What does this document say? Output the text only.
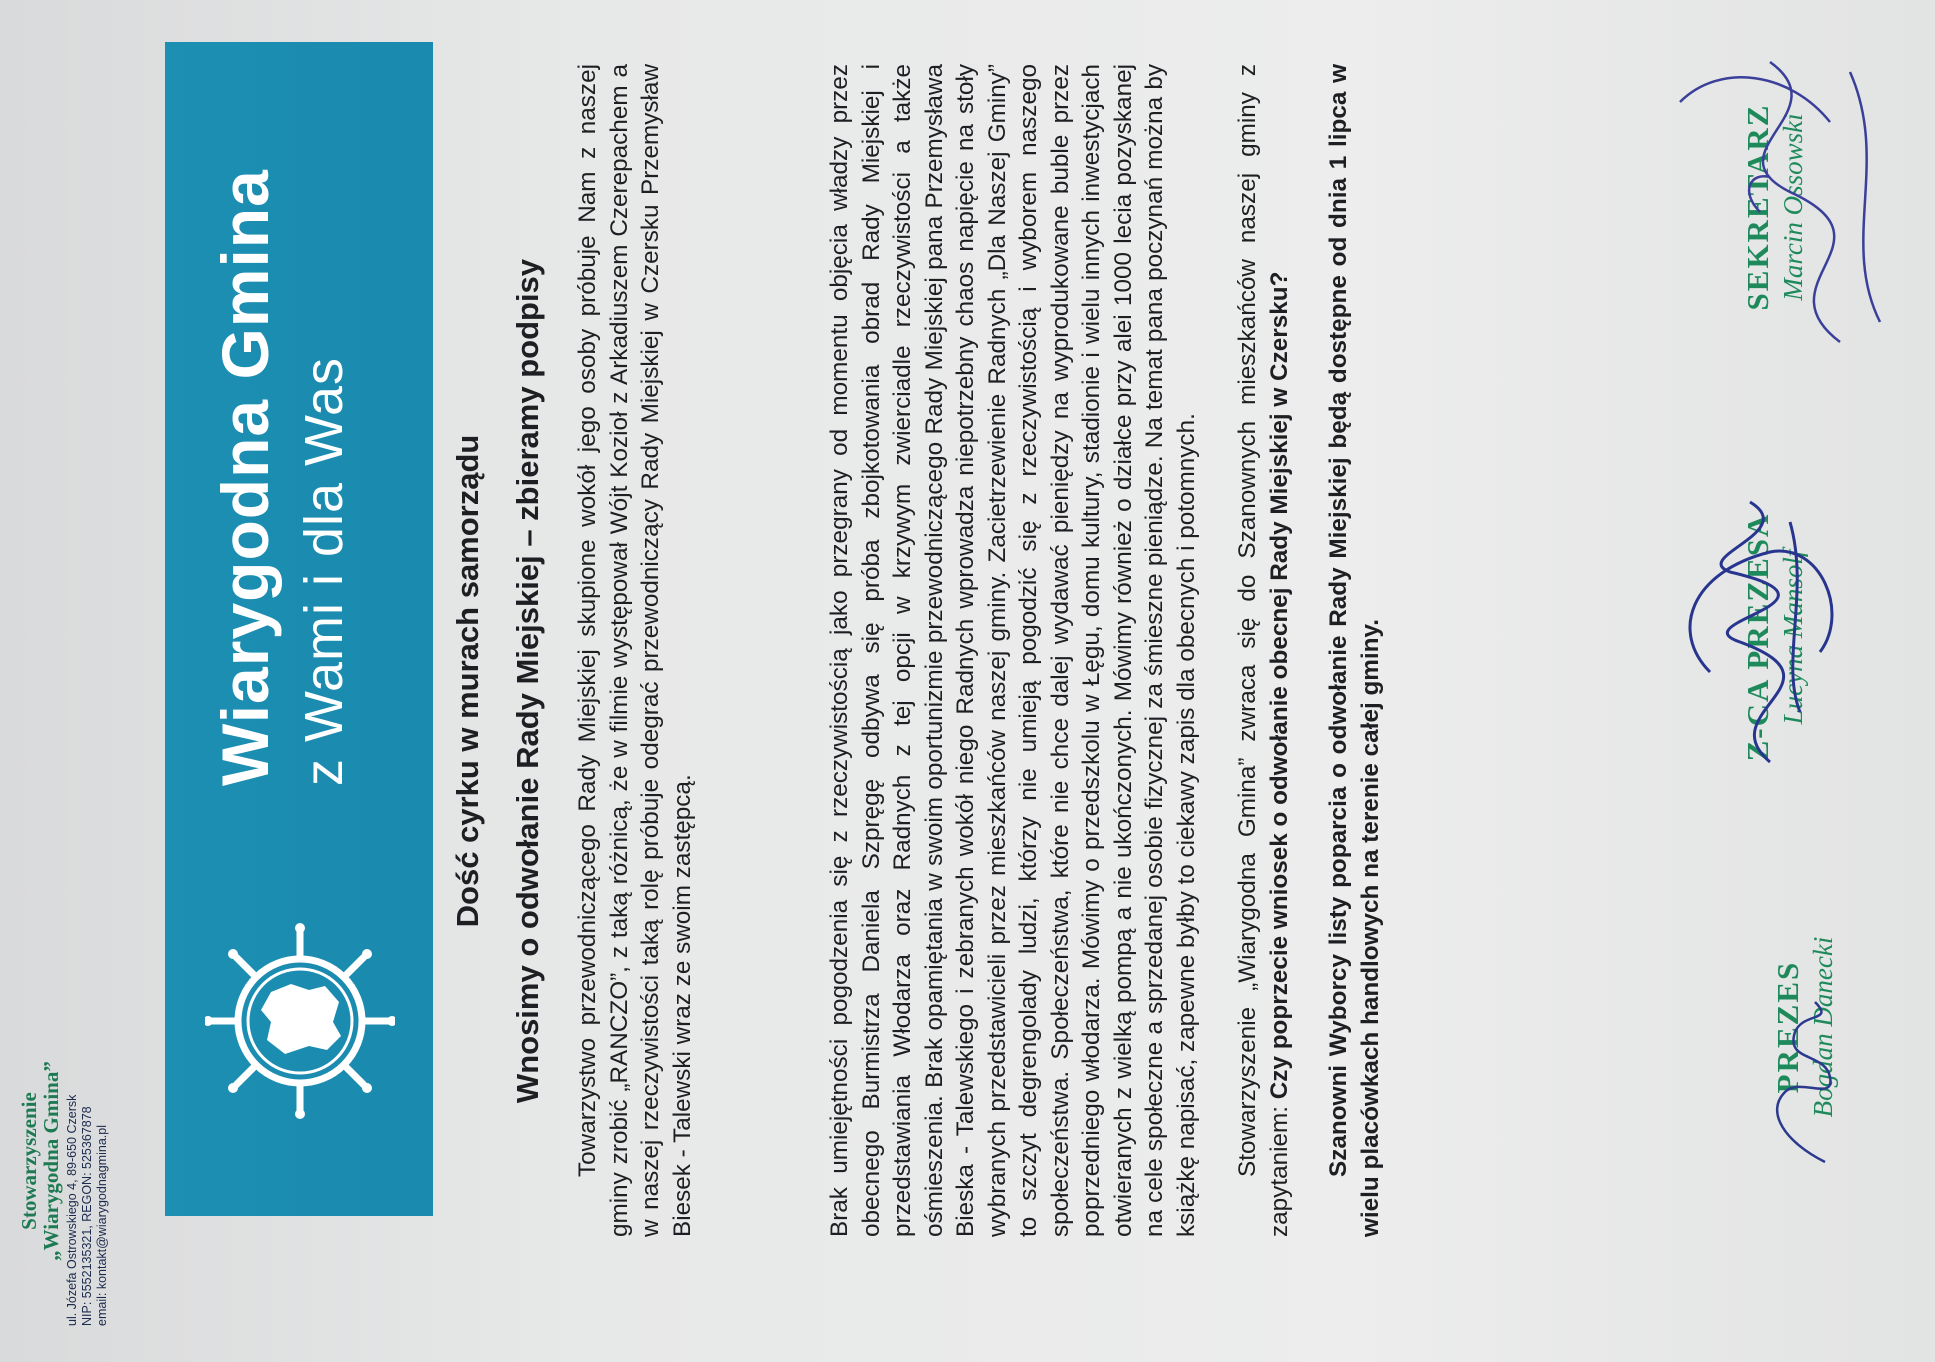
Stowarzyszenie
„Wiarygodna Gmina” ul. Józefa Ostrowskiego 4, 89-650 Czersk NIP: 5552135321, REGON: 525367878 email: kontakt@wiarygodnagmina.pl
Wiarygodna Gmina z Wami i dla Was	Dość cyrku w murach samorządu Wnosimy o odwołanie Rady Miejskiej – zbieramy podpisy Towarzystwo przewodniczącego Rady Miejskiej skupione wokół jego osoby próbuje Nam z naszej gminy zrobić „RANCZO”, z taką różnicą, że w filmie występował Wójt Kozioł z Arkadiuszem Czerepachem a w naszej rzeczywistości taką rolę próbuje odegrać przewodniczący Rady Miejskiej w Czersku Przemysław Biesek - Talewski wraz ze swoim zastępcą.	Brak umiejętności pogodzenia się z rzeczywistością jako przegrany od momentu objęcia władzy przez obecnego Burmistrza Daniela Szpręgę odbywa się próba zbojkotowania obrad Rady Miejskiej i przedstawiania Włodarza oraz Radnych z tej opcji w krzywym zwierciadle rzeczywistości a także ośmieszenia. Brak opamiętania w swoim oportunizmie przewodniczącego Rady Miejskiej pana Przemysława Bieska - Talewskiego i zebranych wokół niego Radnych wprowadza niepotrzebny chaos napięcie na stoły wybranych przedstawicieli przez mieszkańców naszej gminy. Zacietrzewienie Radnych „Dla Naszej Gminy” to szczyt degrengolady ludzi, którzy nie umieją pogodzić się z rzeczywistością i wyborem naszego społeczeństwa. Społeczeństwa, które nie chce dalej wydawać pieniędzy na wyprodukowane buble przez poprzedniego włodarza. Mówimy o przedszkolu w Łęgu, domu kultury, stadionie i wielu innych inwestycjach otwieranych z wielką pompą a nie ukończonych. Mówimy również o działce przy alei 1000 lecia pozyskanej na cele społeczne a sprzedanej osobie fizycznej za śmieszne pieniądze. Na temat pana poczynań można by książkę napisać, zapewne byłby to ciekawy zapis dla obecnych i potomnych. Stowarzyszenie „Wiarygodna Gmina” zwraca się do Szanownych mieszkańców naszej gminy z zapytaniem: Czy poprzecie wniosek o odwołanie obecnej Rady Miejskiej w Czersku? Szanowni Wyborcy listy poparcia o odwołanie Rady Miejskiej będą dostępne od dnia 1 lipca w wielu placówkach handlowych na terenie całej gminy.	PREZES Bogdan Danecki
Z-CA PREZESA Lucyna Mansolf
SEKRETARZ Marcin Ossowski
